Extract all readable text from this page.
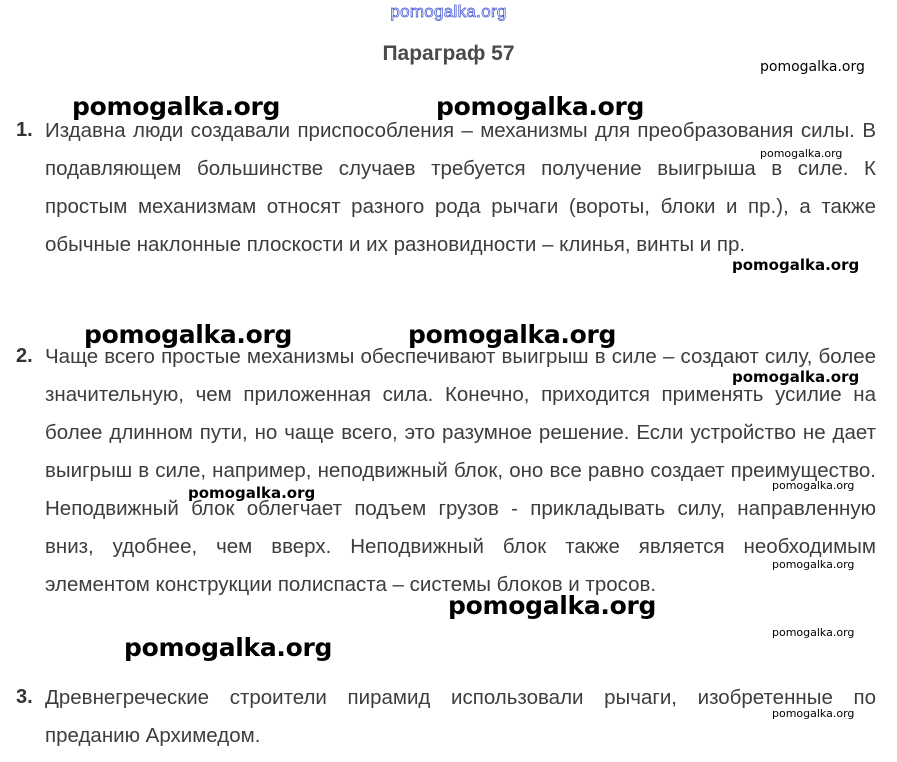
pomogalka.org
Параграф 57
1. Издавна люди создавали приспособления – механизмы для преобразования силы. В подавляющем большинстве случаев требуется получение выигрыша в силе. К простым механизмам относят разного рода рычаги (вороты, блоки и пр.), а также обычные наклонные плоскости и их разновидности – клинья, винты и пр.

2. Чаще всего простые механизмы обеспечивают выигрыш в силе – создают силу, более значительную, чем приложенная сила. Конечно, приходится применять усилие на более длинном пути, но чаще всего, это разумное решение. Если устройство не дает выигрыш в силе, например, неподвижный блок, оно все равно создает преимущество. Неподвижный блок облегчает подъем грузов - прикладывать силу, направленную вниз, удобнее, чем вверх. Неподвижный блок также является необходимым элементом конструкции полиспаста – системы блоков и тросов.

3. Древнегреческие строители пирамид использовали рычаги, изобретенные по преданию Архимедом.

pomogalka.org
pomogalka.org	pomogalka.org
pomogalka.org
pomogalka.org
pomogalka.org	pomogalka.org
pomogalka.org
pomogalka.org
pomogalka.org
pomogalka.org
pomogalka.org
pomogalka.org
pomogalka.org
pomogalka.org
